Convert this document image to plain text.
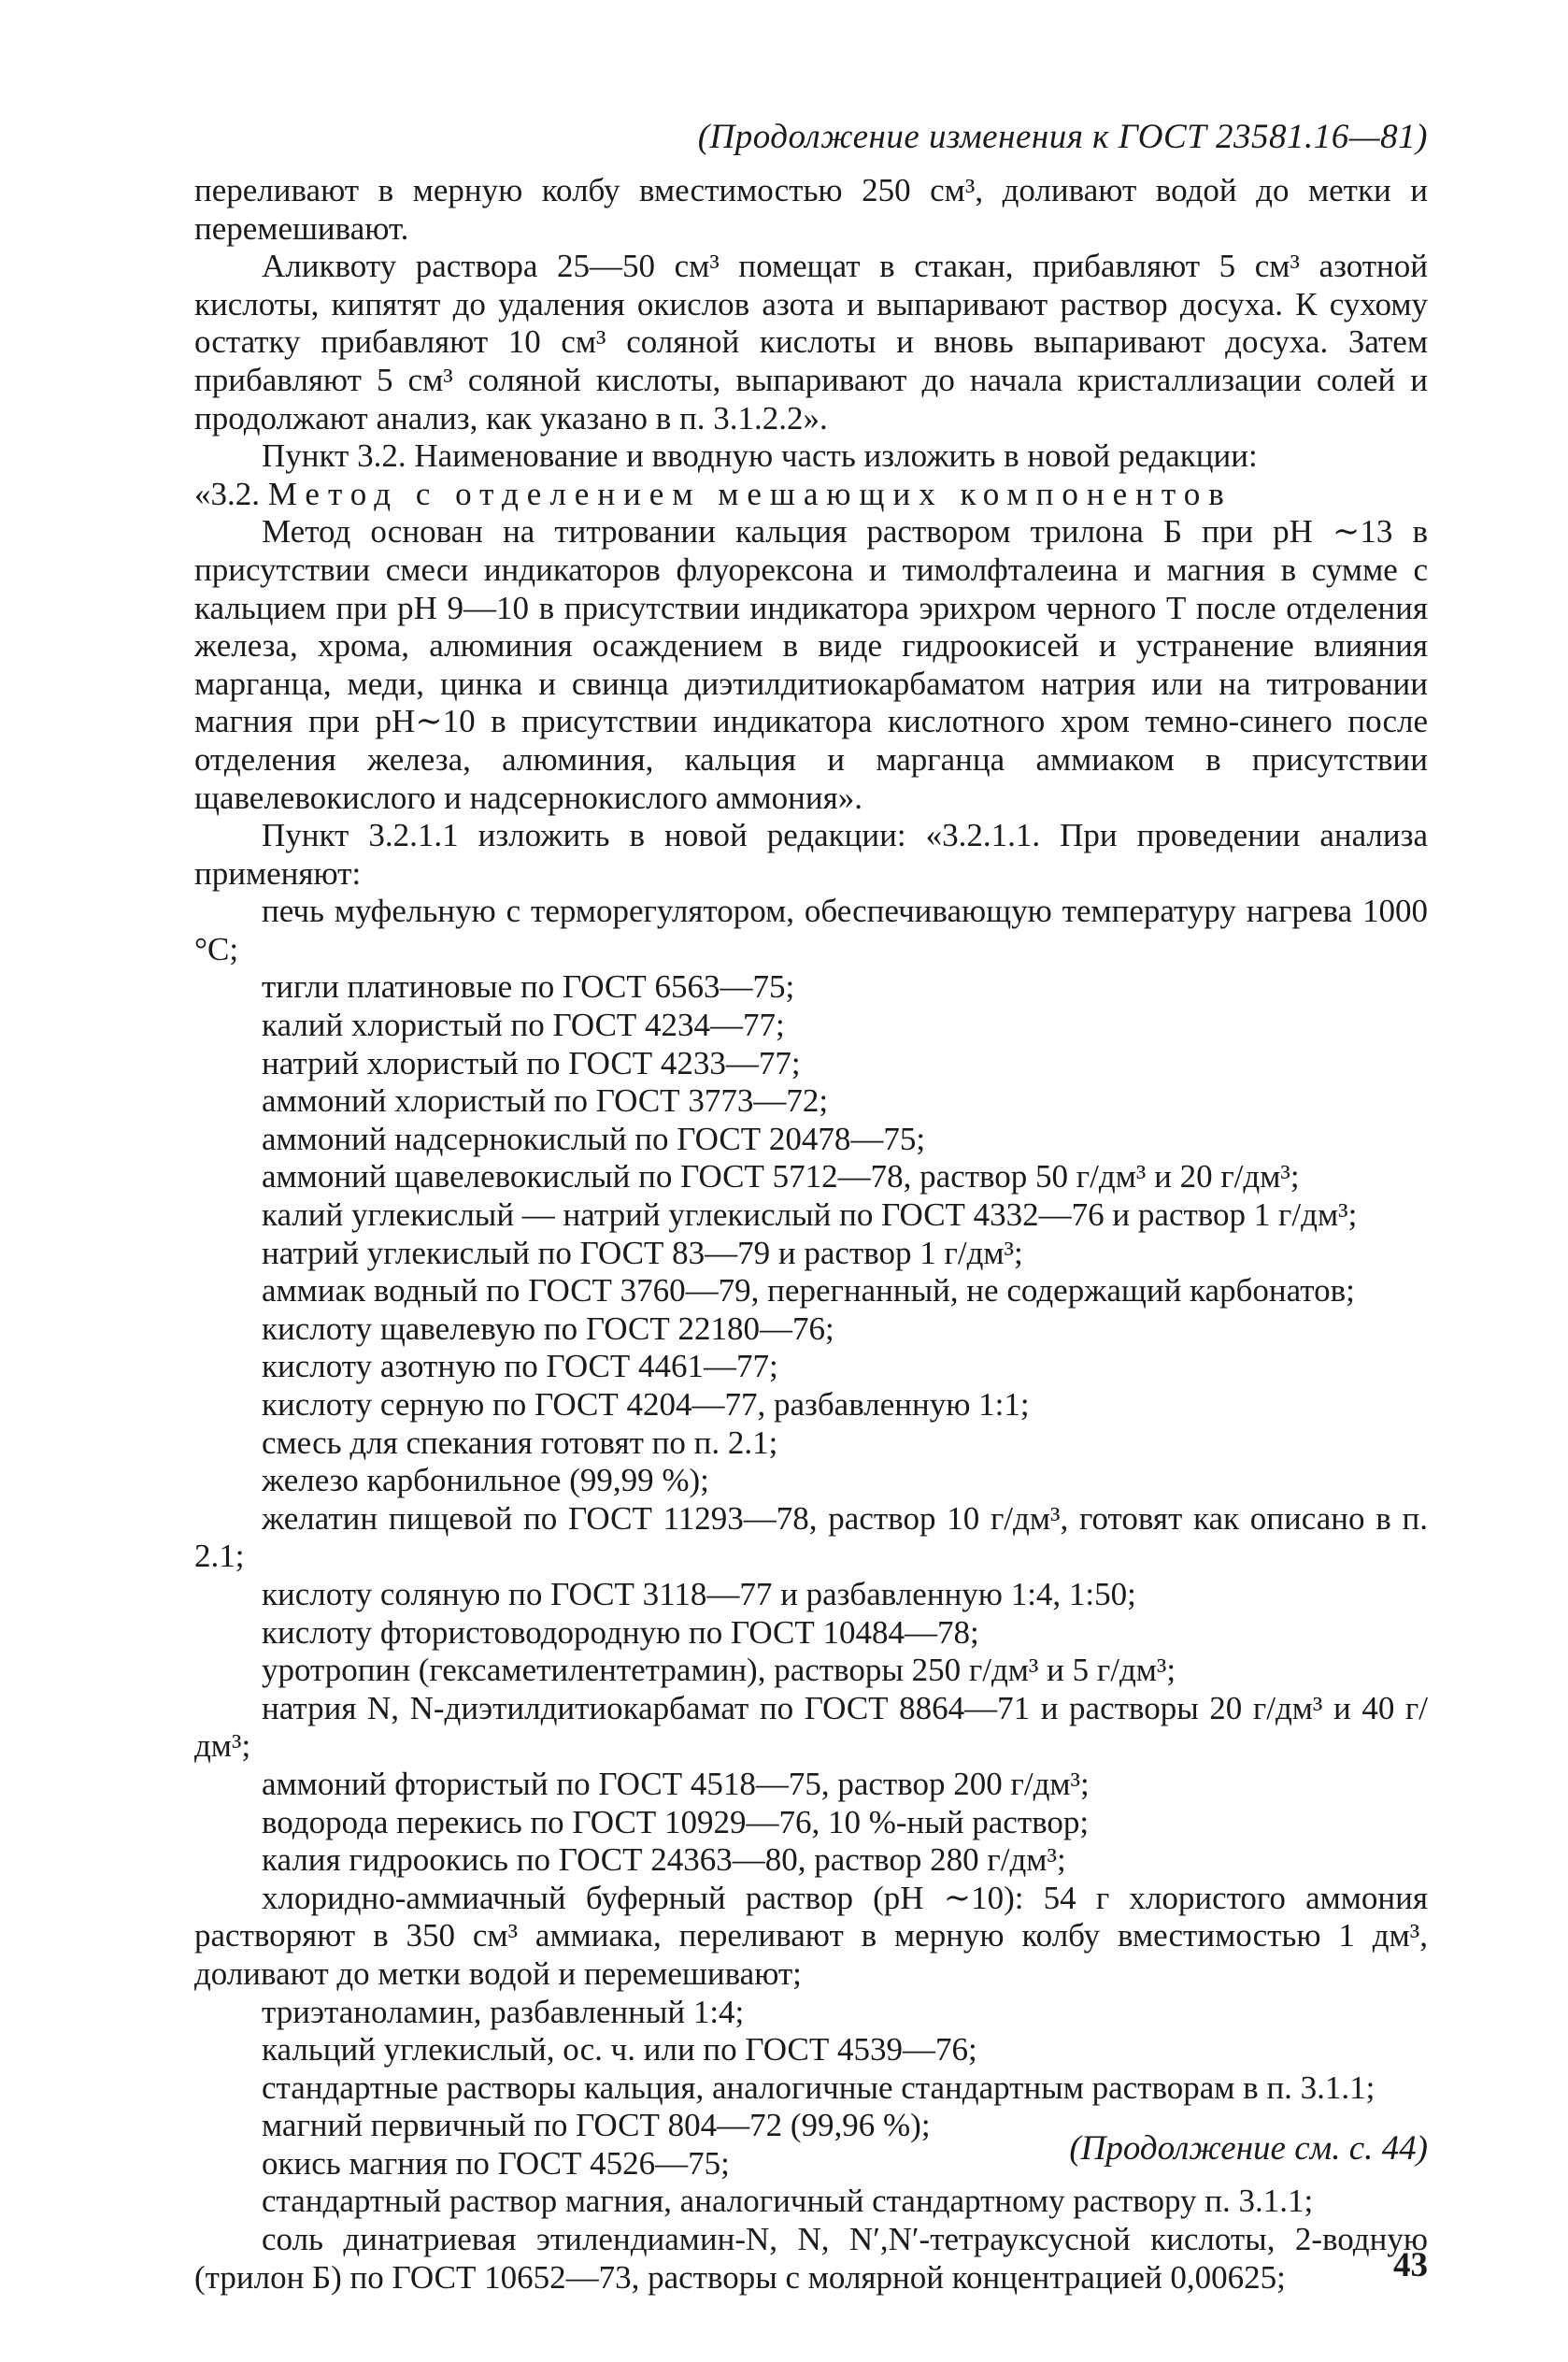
(Продолжение изменения к ГОСТ 23581.16—81)

переливают в мерную колбу вместимостью 250 см³, доливают водой до метки и перемешивают.

Аликвоту раствора 25—50 см³ помещат в стакан, прибавляют 5 см³ азотной кислоты, кипятят до удаления окислов азота и выпаривают раствор досуха. К сухому остатку прибавляют 10 см³ соляной кислоты и вновь выпаривают досуха. Затем прибавляют 5 см³ соляной кислоты, выпаривают до начала кристаллизации солей и продолжают анализ, как указано в п. 3.1.2.2».

Пункт 3.2. Наименование и вводную часть изложить в новой редакции:

«3.2. Метод с отделением мешающих компонентов

Метод основан на титровании кальция раствором трилона Б при pH ∼13 в присутствии смеси индикаторов флуорексона и тимолфталеина и магния в сумме с кальцием при pH 9—10 в присутствии индикатора эрихром черного Т после отделения железа, хрома, алюминия осаждением в виде гидроокисей и устранение влияния марганца, меди, цинка и свинца диэтилдитиокарбаматом натрия или на титровании магния при pH∼10 в присутствии индикатора кислотного хром темно-синего после отделения железа, алюминия, кальция и марганца аммиаком в присутствии щавелевокислого и надсернокислого аммония».

Пункт 3.2.1.1 изложить в новой редакции: «3.2.1.1. При проведении анализа применяют:

печь муфельную с терморегулятором, обеспечивающую температуру нагрева 1000 °С;

тигли платиновые по ГОСТ 6563—75;

калий хлористый по ГОСТ 4234—77;

натрий хлористый по ГОСТ 4233—77;

аммоний хлористый по ГОСТ 3773—72;

аммоний надсернокислый по ГОСТ 20478—75;

аммоний щавелевокислый по ГОСТ 5712—78, раствор 50 г/дм³ и 20 г/дм³;

калий углекислый — натрий углекислый по ГОСТ 4332—76 и раствор 1 г/дм³;

натрий углекислый по ГОСТ 83—79 и раствор 1 г/дм³;

аммиак водный по ГОСТ 3760—79, перегнанный, не содержащий карбонатов;

кислоту щавелевую по ГОСТ 22180—76;

кислоту азотную по ГОСТ 4461—77;

кислоту серную по ГОСТ 4204—77, разбавленную 1:1;

смесь для спекания готовят по п. 2.1;

железо карбонильное (99,99 %);

желатин пищевой по ГОСТ 11293—78, раствор 10 г/дм³, готовят как описано в п. 2.1;

кислоту соляную по ГОСТ 3118—77 и разбавленную 1:4, 1:50;

кислоту фтористоводородную по ГОСТ 10484—78;

уротропин (гексаметилентетрамин), растворы 250 г/дм³ и 5 г/дм³;

натрия N, N-диэтилдитиокарбамат по ГОСТ 8864—71 и растворы 20 г/дм³ и 40 г/дм³;

аммоний фтористый по ГОСТ 4518—75, раствор 200 г/дм³;

водорода перекись по ГОСТ 10929—76, 10 %-ный раствор;

калия гидроокись по ГОСТ 24363—80, раствор 280 г/дм³;

хлоридно-аммиачный буферный раствор (pH ∼10): 54 г хлористого аммония растворяют в 350 см³ аммиака, переливают в мерную колбу вместимостью 1 дм³, доливают до метки водой и перемешивают;

триэтаноламин, разбавленный 1:4;

кальций углекислый, ос. ч. или по ГОСТ 4539—76;

стандартные растворы кальция, аналогичные стандартным растворам в п. 3.1.1;

магний первичный по ГОСТ 804—72 (99,96 %);

окись магния по ГОСТ 4526—75;

стандартный раствор магния, аналогичный стандартному раствору п. 3.1.1;

соль динатриевая этилендиамин-N, N, N′,N′-тетрауксусной кислоты, 2-водную (трилон Б) по ГОСТ 10652—73, растворы с молярной концентрацией 0,00625;

(Продолжение см. с. 44)
43
